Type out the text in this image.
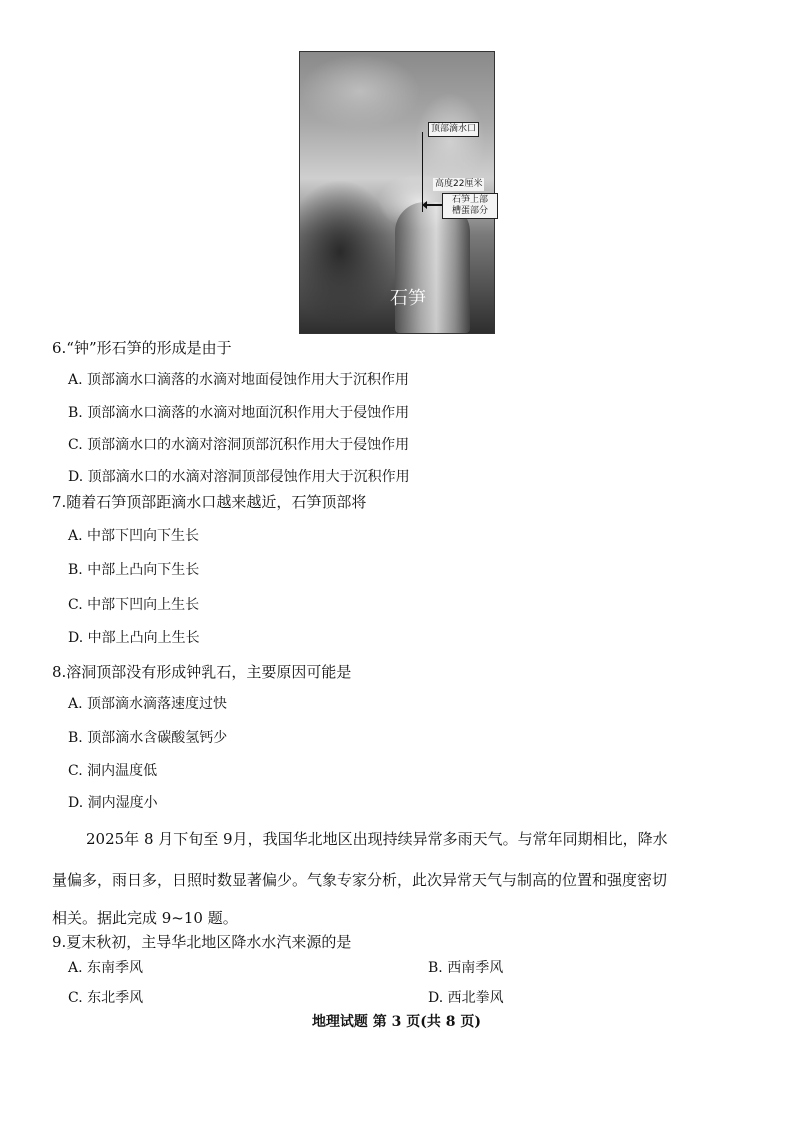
顶部滴水口
高度22厘米
石笋上部
槽蛋部分
石笋
6.“钟”形石笋的形成是由于
A. 顶部滴水口滴落的水滴对地面侵蚀作用大于沉积作用
B. 顶部滴水口滴落的水滴对地面沉积作用大于侵蚀作用
C. 顶部滴水口的水滴对溶洞顶部沉积作用大于侵蚀作用
D. 顶部滴水口的水滴对溶洞顶部侵蚀作用大于沉积作用
7.随着石笋顶部距滴水口越来越近，石笋顶部将
A. 中部下凹向下生长
B. 中部上凸向下生长
C. 中部下凹向上生长
D. 中部上凸向上生长
8.溶洞顶部没有形成钟乳石，主要原因可能是
A. 顶部滴水滴落速度过快
B. 顶部滴水含碳酸氢钙少
C. 洞内温度低
D. 洞内湿度小
2025年 8 月下旬至 9月，我国华北地区出现持续异常多雨天气。与常年同期相比，降水
量偏多，雨日多，日照时数显著偏少。气象专家分析，此次异常天气与制高的位置和强度密切
相关。据此完成 9~10 题。
9.夏末秋初，主导华北地区降水水汽来源的是
A. 东南季风	B. 西南季风
C. 东北季风	D. 西北拳风
地理试题 第 3 页(共 8 页)
